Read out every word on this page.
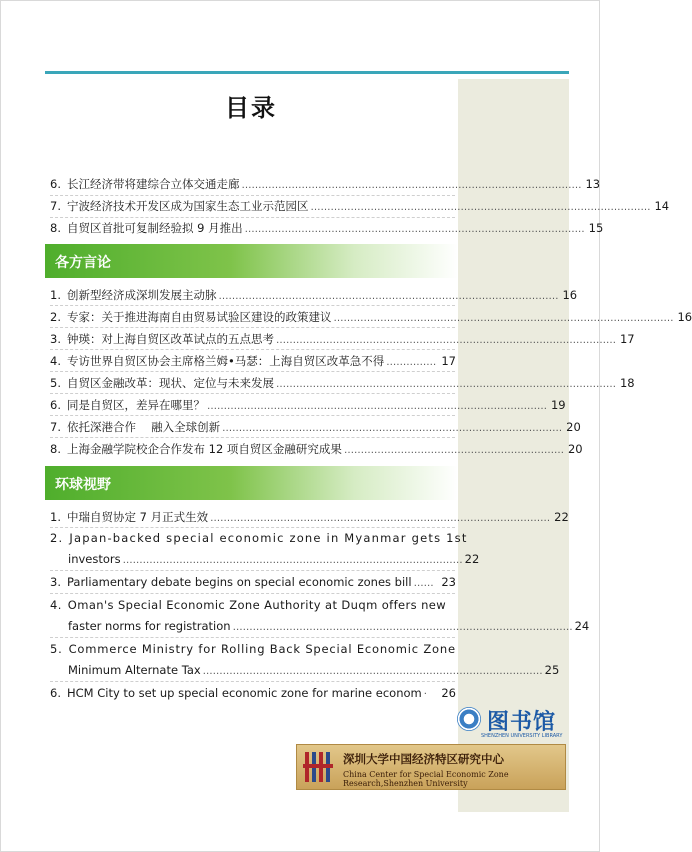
目录
6. 长江经济带将建综合立体交通走廊 ………………………………………………………………………………………… 13
7. 宁波经济技术开发区成为国家生态工业示范园区 ………………………………………………………………………………………… 14
8. 自贸区首批可复制经验拟 9 月推出 ………………………………………………………………………………………… 15
各方言论
1. 创新型经济成深圳发展主动脉 ………………………………………………………………………………………… 16
2. 专家：关于推进海南自由贸易试验区建设的政策建议 ………………………………………………………………………………………… 16
3. 钟瑛：对上海自贸区改革试点的五点思考 ………………………………………………………………………………………… 17
4. 专访世界自贸区协会主席格兰姆•马瑟：上海自贸区改革急不得 …………… 17
5. 自贸区金融改革：现状、定位与未来发展 ………………………………………………………………………………………… 18
6. 同是自贸区，差异在哪里？ ………………………………………………………………………………………… 19
7. 依托深港合作　 融入全球创新 ………………………………………………………………………………………… 20
8. 上海金融学院校企合作发布 12 项自贸区金融研究成果 ………………………………………………………… 20
环球视野
1. 中瑞自贸协定 7 月正式生效 ………………………………………………………………………………………… 22
2. Japan-backed special economic zone in Myanmar gets 1st
investors ………………………………………………………………………………………… 22
3. Parliamentary debate begins on special economic zones bill …… 23
4. Oman's Special Economic Zone Authority at Duqm offers new
faster norms for registration ………………………………………………………………………………………… 24
5. Commerce Ministry for Rolling Back Special Economic Zone
Minimum Alternate Tax ………………………………………………………………………………………… 25
6. HCM City to set up special economic zone for marine econom ·	26
图书馆
SHENZHEN UNIVERSITY LIBRARY
深圳大学中国经济特区研究中心
China Center for Special Economic Zone Research,Shenzhen University
